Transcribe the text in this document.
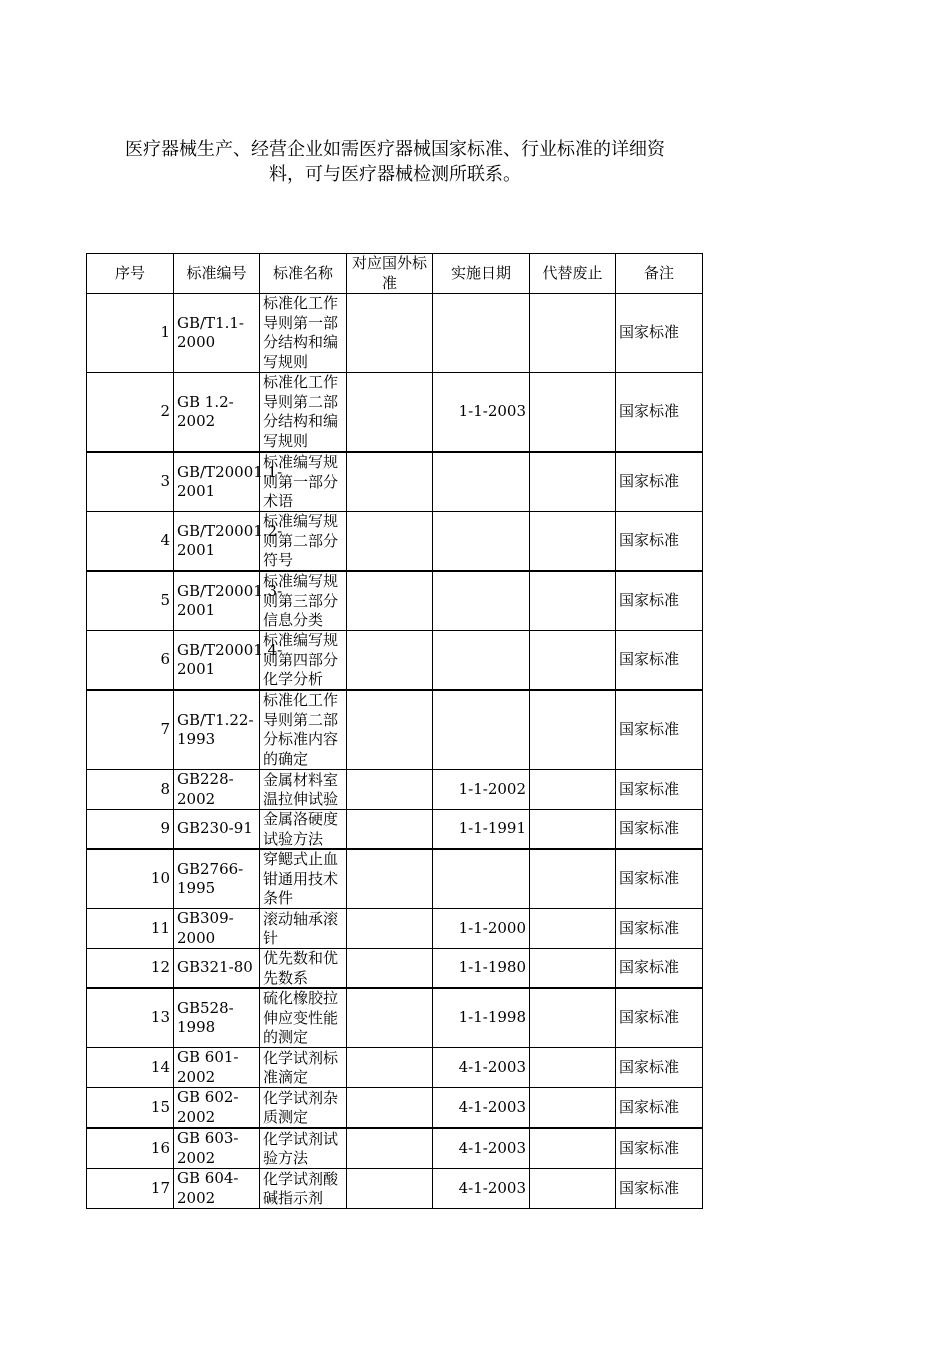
医疗器械生产、经营企业如需医疗器械国家标准、行业标准的详细资

料，可与医疗器械检测所联系。

序号	标准编号	标准名称	对应国外标准	实施日期	代替废止	备注
1	GB/T1.1-2000	标准化工作导则第一部分结构和编写规则				国家标准
2	GB 1.2-2002	标准化工作导则第二部分结构和编写规则		1-1-2003		国家标准
3	GB/T20001.1-2001	标准编写规则第一部分术语				国家标准
4	GB/T20001.2-2001	标准编写规则第二部分符号				国家标准
5	GB/T20001.3-2001	标准编写规则第三部分信息分类				国家标准
6	GB/T20001.4-2001	标准编写规则第四部分化学分析				国家标准
7	GB/T1.22-1993	标准化工作导则第二部分标准内容的确定				国家标准
8	GB228-2002	金属材料室温拉伸试验		1-1-2002		国家标准
9	GB230-91	金属洛硬度试验方法		1-1-1991		国家标准
10	GB2766-1995	穿鳃式止血钳通用技术条件				国家标准
11	GB309-2000	滚动轴承滚针		1-1-2000		国家标准
12	GB321-80	优先数和优先数系		1-1-1980		国家标准
13	GB528-1998	硫化橡胶拉伸应变性能的测定		1-1-1998		国家标准
14	GB 601-2002	化学试剂标准滴定		4-1-2003		国家标准
15	GB 602-2002	化学试剂杂质测定		4-1-2003		国家标准
16	GB 603-2002	化学试剂试验方法		4-1-2003		国家标准
17	GB 604-2002	化学试剂酸碱指示剂		4-1-2003		国家标准
